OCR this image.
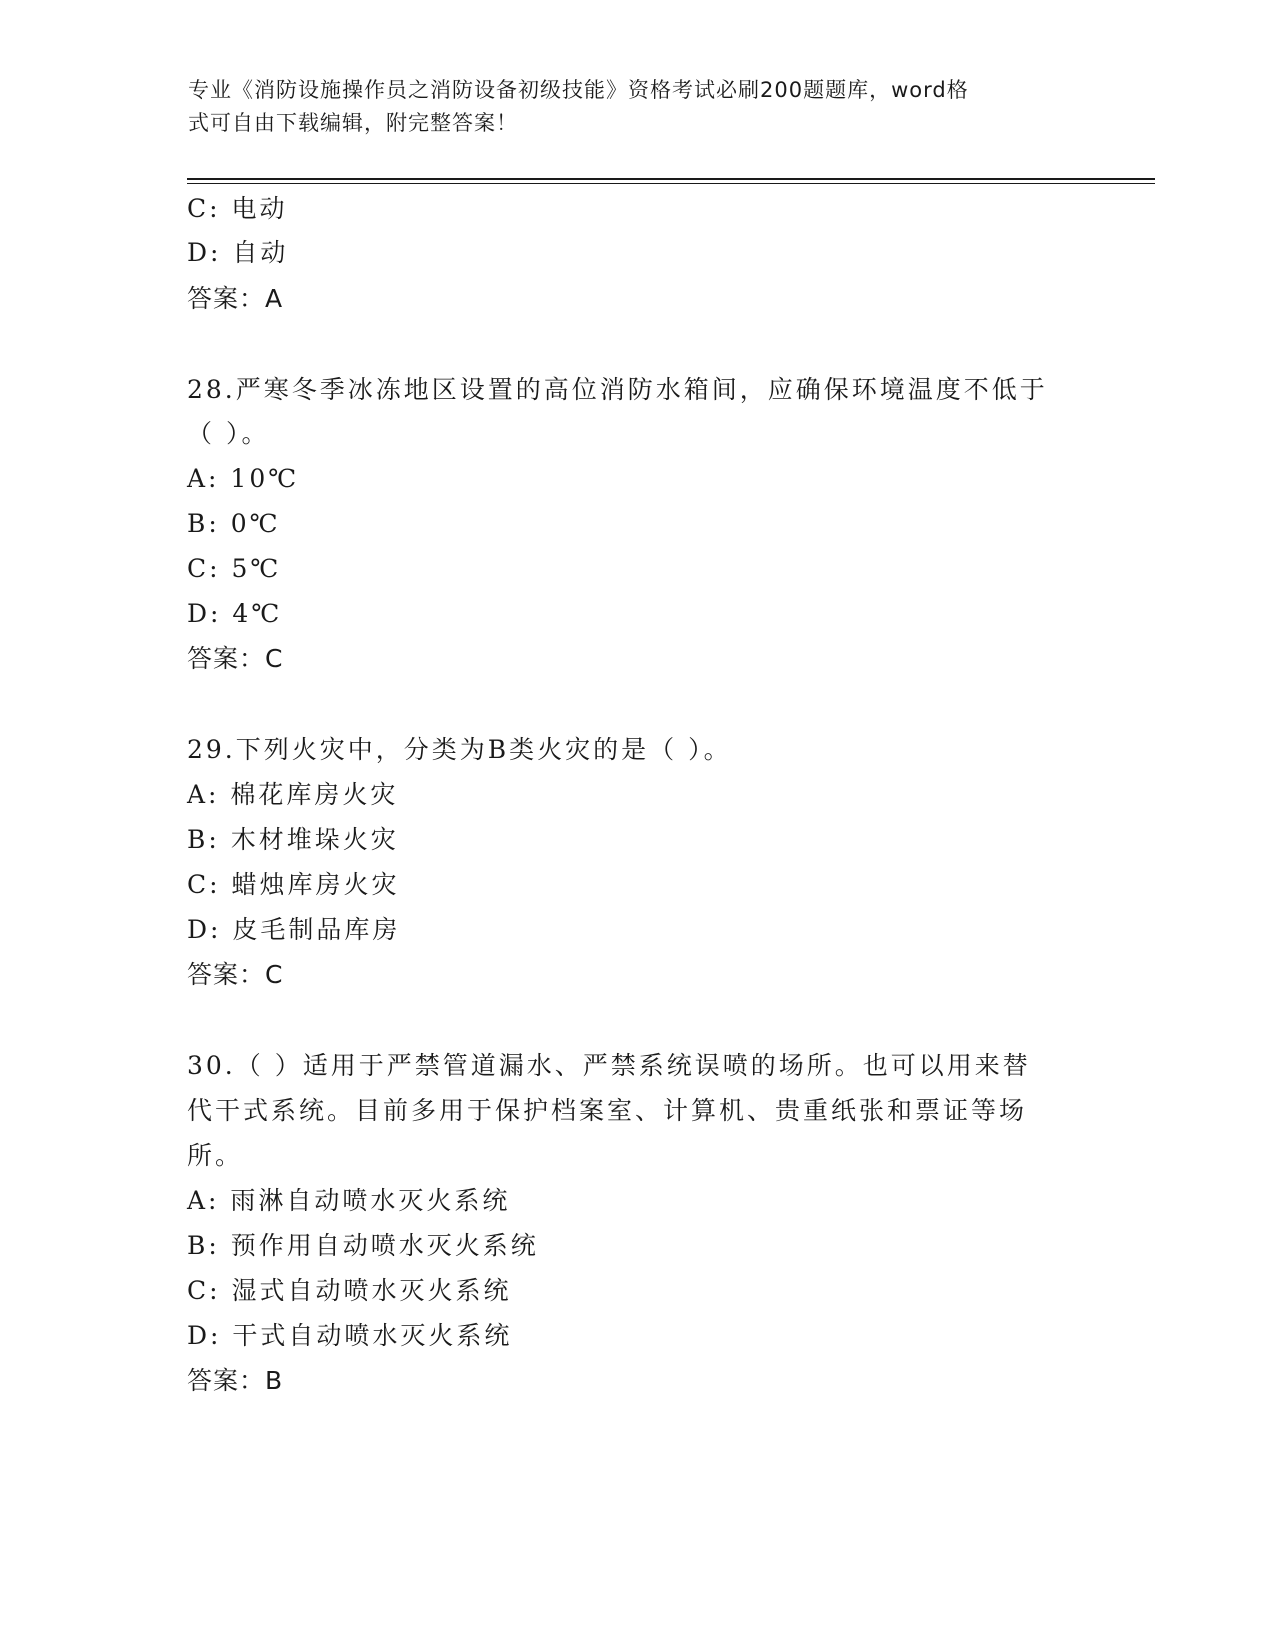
专业《消防设施操作员之消防设备初级技能》资格考试必刷200题题库，word格
式可自由下载编辑，附完整答案！
C: 电动
D: 自动
答案：A
28.严寒冬季冰冻地区设置的高位消防水箱间，应确保环境温度不低于
（ ）。
A: 10℃
B: 0℃
C: 5℃
D: 4℃
答案：C
29.下列火灾中，分类为B类火灾的是（ ）。
A: 棉花库房火灾
B: 木材堆垛火灾
C: 蜡烛库房火灾
D: 皮毛制品库房
答案：C
30.（ ）适用于严禁管道漏水、严禁系统误喷的场所。也可以用来替
代干式系统。目前多用于保护档案室、计算机、贵重纸张和票证等场
所。
A: 雨淋自动喷水灭火系统
B: 预作用自动喷水灭火系统
C: 湿式自动喷水灭火系统
D: 干式自动喷水灭火系统
答案：B
